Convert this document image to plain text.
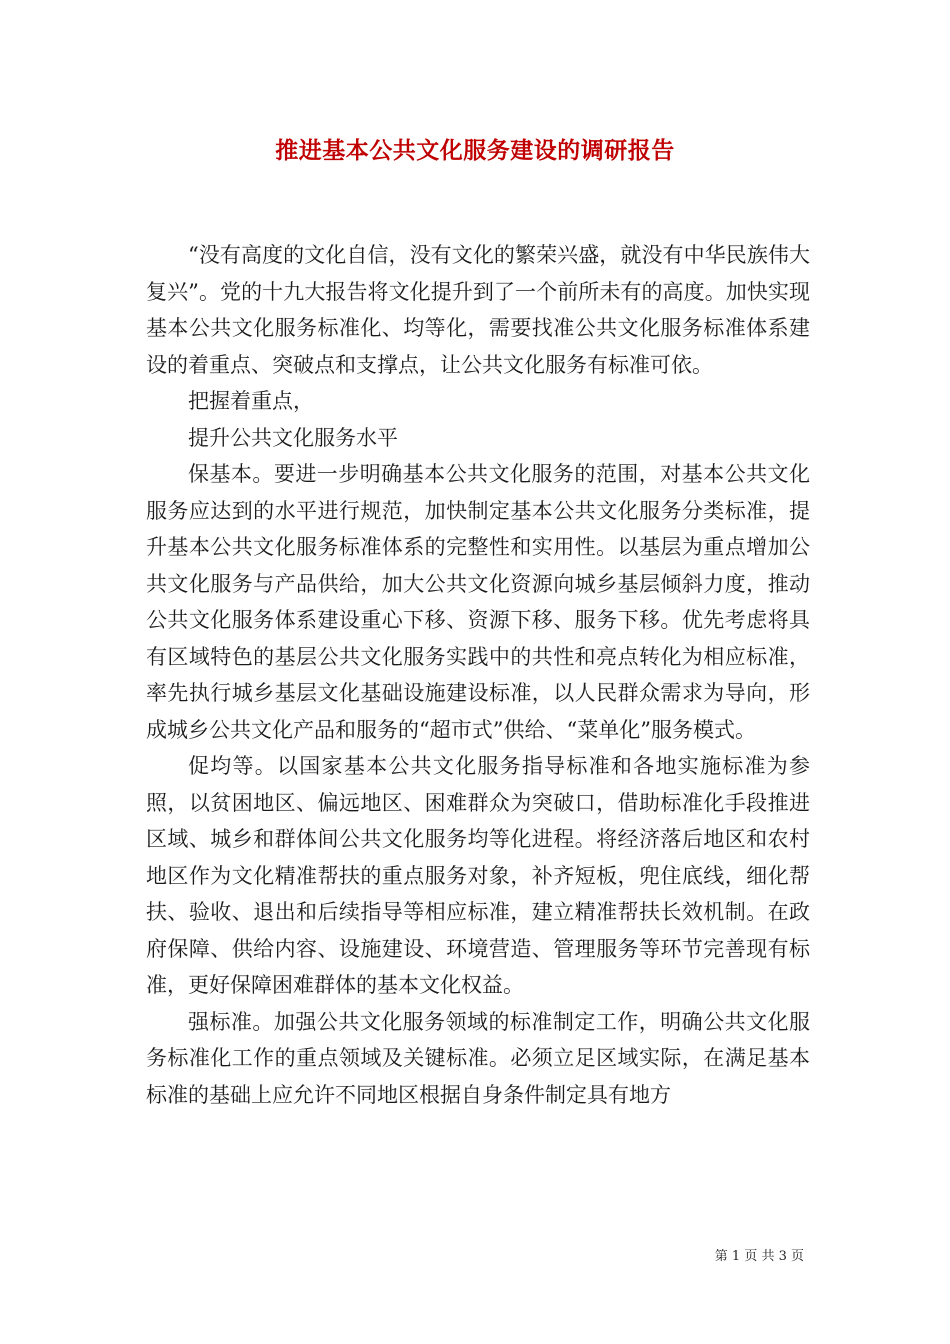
推进基本公共文化服务建设的调研报告

“没有高度的文化自信，没有文化的繁荣兴盛，就没有中华民族伟大复兴”。党的十九大报告将文化提升到了一个前所未有的高度。加快实现基本公共文化服务标准化、均等化，需要找准公共文化服务标准体系建设的着重点、突破点和支撑点，让公共文化服务有标准可依。

把握着重点，

提升公共文化服务水平

保基本。要进一步明确基本公共文化服务的范围，对基本公共文化服务应达到的水平进行规范，加快制定基本公共文化服务分类标准，提升基本公共文化服务标准体系的完整性和实用性。以基层为重点增加公共文化服务与产品供给，加大公共文化资源向城乡基层倾斜力度，推动公共文化服务体系建设重心下移、资源下移、服务下移。优先考虑将具有区域特色的基层公共文化服务实践中的共性和亮点转化为相应标准，率先执行城乡基层文化基础设施建设标准，以人民群众需求为导向，形成城乡公共文化产品和服务的“超市式”供给、“菜单化”服务模式。

促均等。以国家基本公共文化服务指导标准和各地实施标准为参照，以贫困地区、偏远地区、困难群众为突破口，借助标准化手段推进区域、城乡和群体间公共文化服务均等化进程。将经济落后地区和农村地区作为文化精准帮扶的重点服务对象，补齐短板，兜住底线，细化帮扶、验收、退出和后续指导等相应标准，建立精准帮扶长效机制。在政府保障、供给内容、设施建设、环境营造、管理服务等环节完善现有标准，更好保障困难群体的基本文化权益。

强标准。加强公共文化服务领域的标准制定工作，明确公共文化服务标准化工作的重点领域及关键标准。必须立足区域实际，在满足基本标准的基础上应允许不同地区根据自身条件制定具有地方

第 1 页 共 3 页
